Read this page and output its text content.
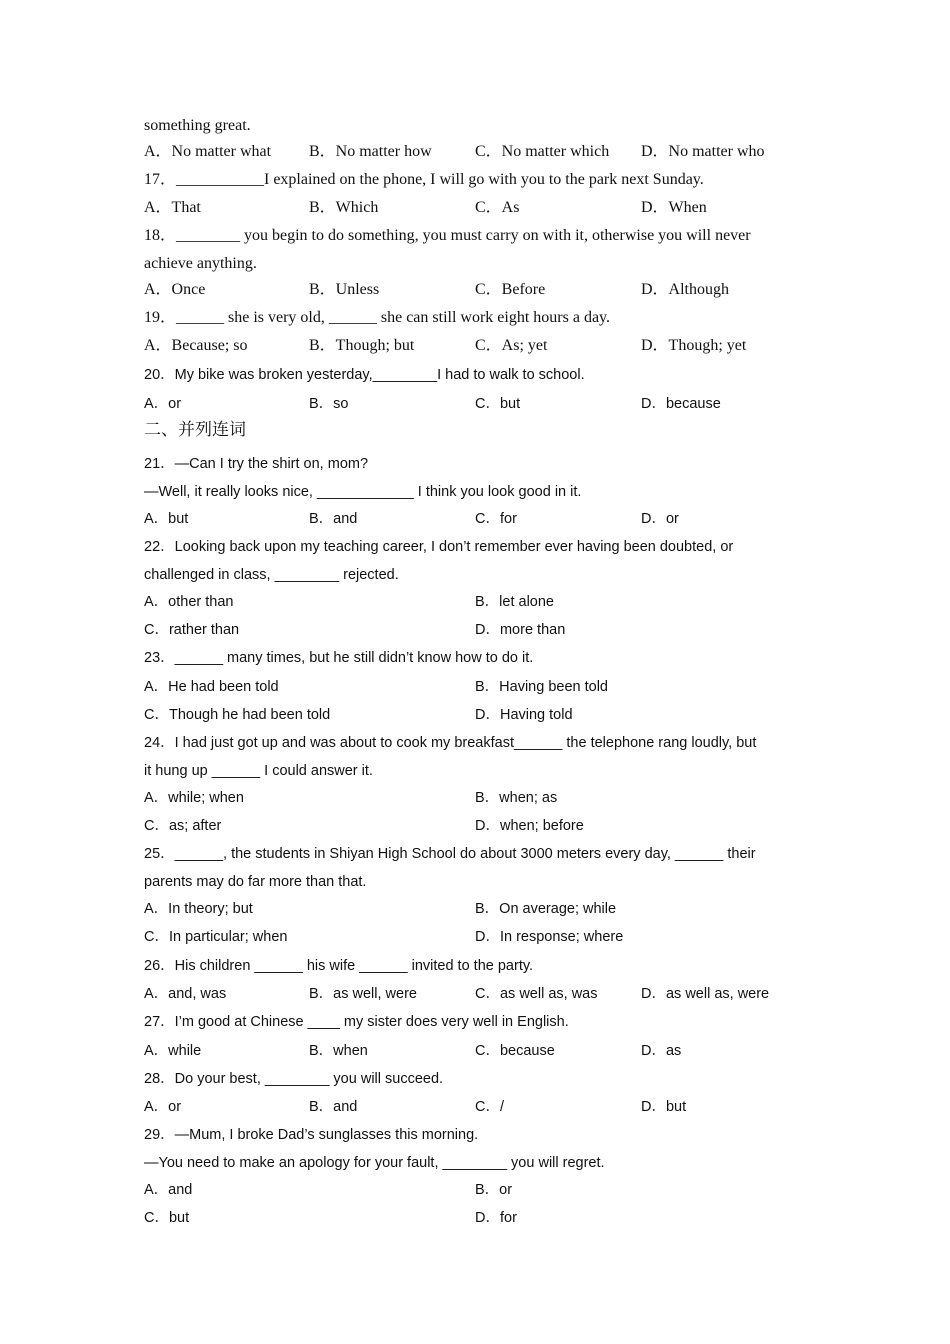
something great.
A．No matter what B．No matter how	C．No matter which D．No matter who
17．___________I explained on the phone, I will go with you to the park next Sunday.
A．That	B．Which	C．As	D．When
18．________ you begin to do something, you must carry on with it, otherwise you will never
achieve anything.
A．Once	B．Unless	C．Before	D．Although
19．______ she is very old, ______ she can still work eight hours a day.
A．Because; so	B．Though; but	C．As; yet	D．Though; yet
20．My bike was broken yesterday,________I had to walk to school.
A．or	B．so	C．but	D．because
二、并列连词
21．—Can I try the shirt on, mom?
—Well, it really looks nice, ____________ I think you look good in it.
A．but	B．and	C．for	D．or
22．Looking back upon my teaching career, I don’t remember ever having been doubted, or
challenged in class, ________ rejected.
A．other than	B．let alone
C．rather than	D．more than
23．______ many times, but he still didn’t know how to do it.
A．He had been told	B．Having been told
C．Though he had been told	D．Having told
24．I had just got up and was about to cook my breakfast______ the telephone rang loudly, but
it hung up ______ I could answer it.
A．while; when	B．when; as
C．as; after	D．when; before
25．______, the students in Shiyan High School do about 3000 meters every day, ______ their
parents may do far more than that.
A．In theory; but	B．On average; while
C．In particular; when	D．In response; where
26．His children ______ his wife ______ invited to the party.
A．and, was	B．as well, were	C．as well as, was	D．as well as, were
27．I’m good at Chinese ____ my sister does very well in English.
A．while	B．when	C．because	D．as
28．Do your best, ________ you will succeed.
A．or	B．and	C．/	D．but
29．—Mum, I broke Dad’s sunglasses this morning.
—You need to make an apology for your fault, ________ you will regret.
A．and	B．or
C．but	D．for
